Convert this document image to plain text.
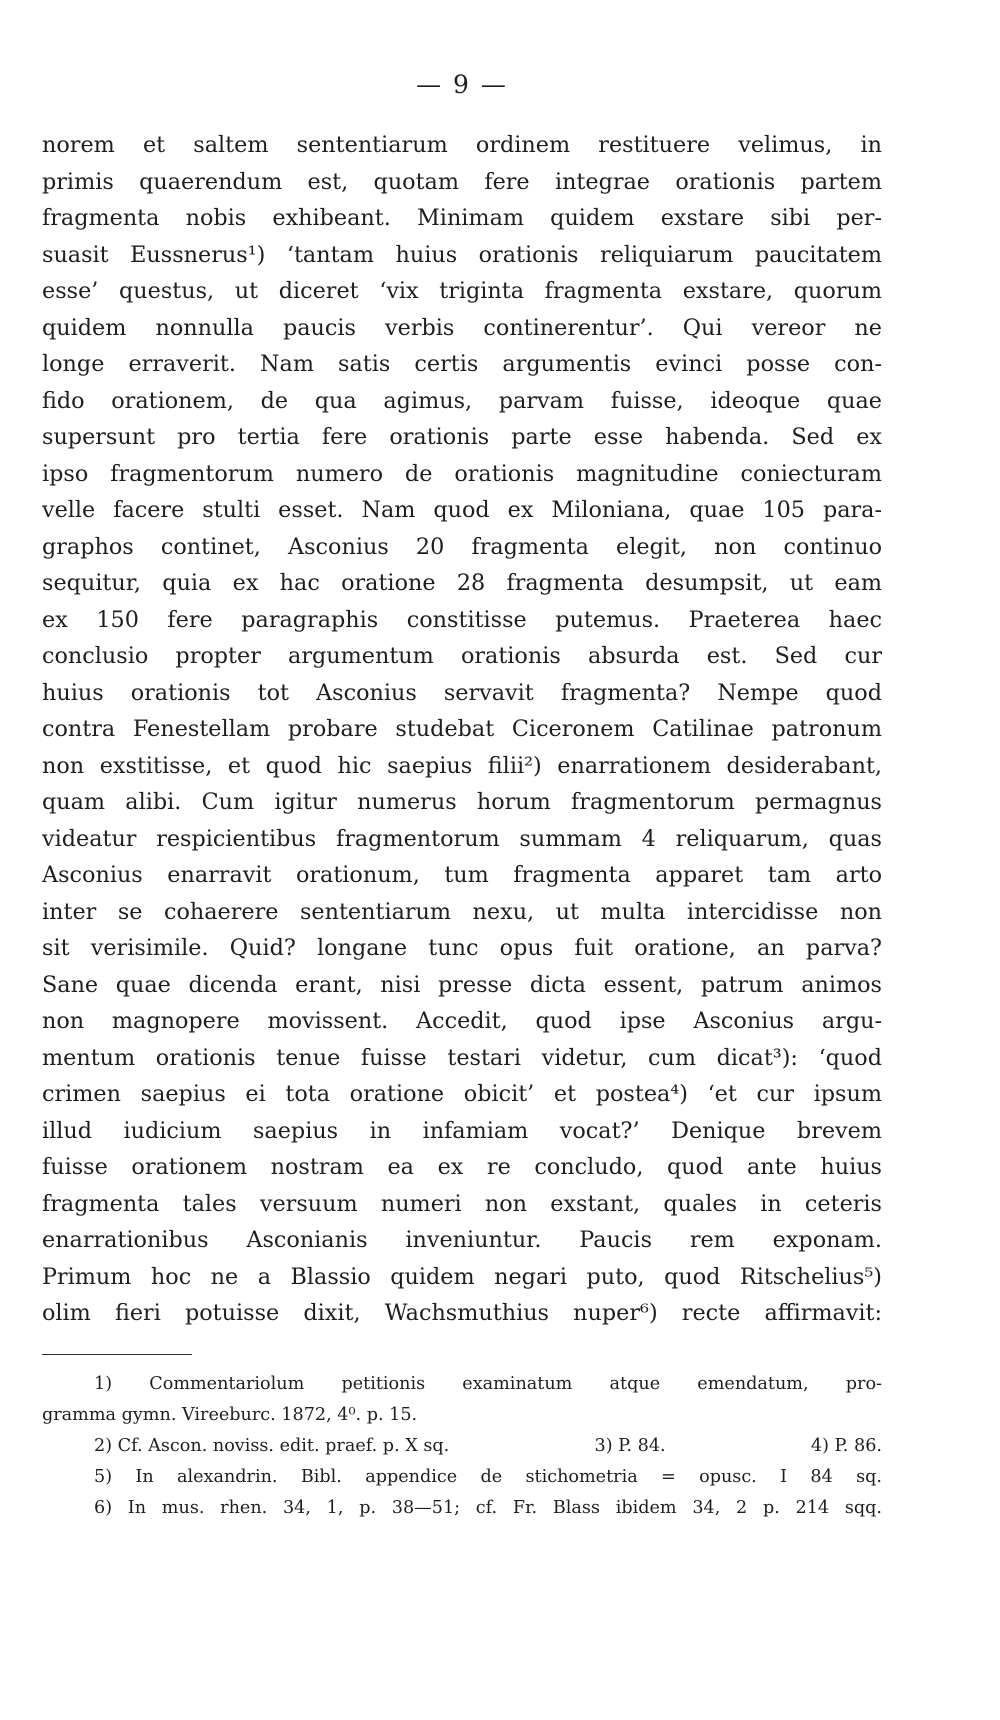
— 9 —
norem et saltem sententiarum ordinem restituere velimus, in
primis quaerendum est, quotam fere integrae orationis partem
fragmenta nobis exhibeant. Minimam quidem exstare sibi per-
suasit Eussnerus¹) ‘tantam huius orationis reliquiarum paucitatem
esse’ questus, ut diceret ‘vix triginta fragmenta exstare, quorum
quidem nonnulla paucis verbis continerentur’. Qui vereor ne
longe erraverit. Nam satis certis argumentis evinci posse con-
fido orationem, de qua agimus, parvam fuisse, ideoque quae
supersunt pro tertia fere orationis parte esse habenda. Sed ex
ipso fragmentorum numero de orationis magnitudine coniecturam
velle facere stulti esset. Nam quod ex Miloniana, quae 105 para-
graphos continet, Asconius 20 fragmenta elegit, non continuo
sequitur, quia ex hac oratione 28 fragmenta desumpsit, ut eam
ex 150 fere paragraphis constitisse putemus. Praeterea haec
conclusio propter argumentum orationis absurda est. Sed cur
huius orationis tot Asconius servavit fragmenta? Nempe quod
contra Fenestellam probare studebat Ciceronem Catilinae patronum
non exstitisse, et quod hic saepius filii²) enarrationem desiderabant,
quam alibi. Cum igitur numerus horum fragmentorum permagnus
videatur respicientibus fragmentorum summam 4 reliquarum, quas
Asconius enarravit orationum, tum fragmenta apparet tam arto
inter se cohaerere sententiarum nexu, ut multa intercidisse non
sit verisimile. Quid? longane tunc opus fuit oratione, an parva?
Sane quae dicenda erant, nisi presse dicta essent, patrum animos
non magnopere movissent. Accedit, quod ipse Asconius argu-
mentum orationis tenue fuisse testari videtur, cum dicat³): ‘quod
crimen saepius ei tota oratione obicit’ et postea⁴) ‘et cur ipsum
illud iudicium saepius in infamiam vocat?’ Denique brevem
fuisse orationem nostram ea ex re concludo, quod ante huius
fragmenta tales versuum numeri non exstant, quales in ceteris
enarrationibus Asconianis inveniuntur. Paucis rem exponam.
Primum hoc ne a Blassio quidem negari puto, quod Ritschelius⁵)
olim fieri potuisse dixit, Wachsmuthius nuper⁶) recte affirmavit:
1) Commentariolum petitionis examinatum atque emendatum, pro-
gramma gymn. Vireeburc. 1872, 4⁰. p. 15.
2) Cf. Ascon. noviss. edit. praef. p. X sq.	3) P. 84.	4) P. 86.
5) In alexandrin. Bibl. appendice de stichometria = opusc. I 84 sq.
6) In mus. rhen. 34, 1, p. 38—51; cf. Fr. Blass ibidem 34, 2 p. 214 sqq.
